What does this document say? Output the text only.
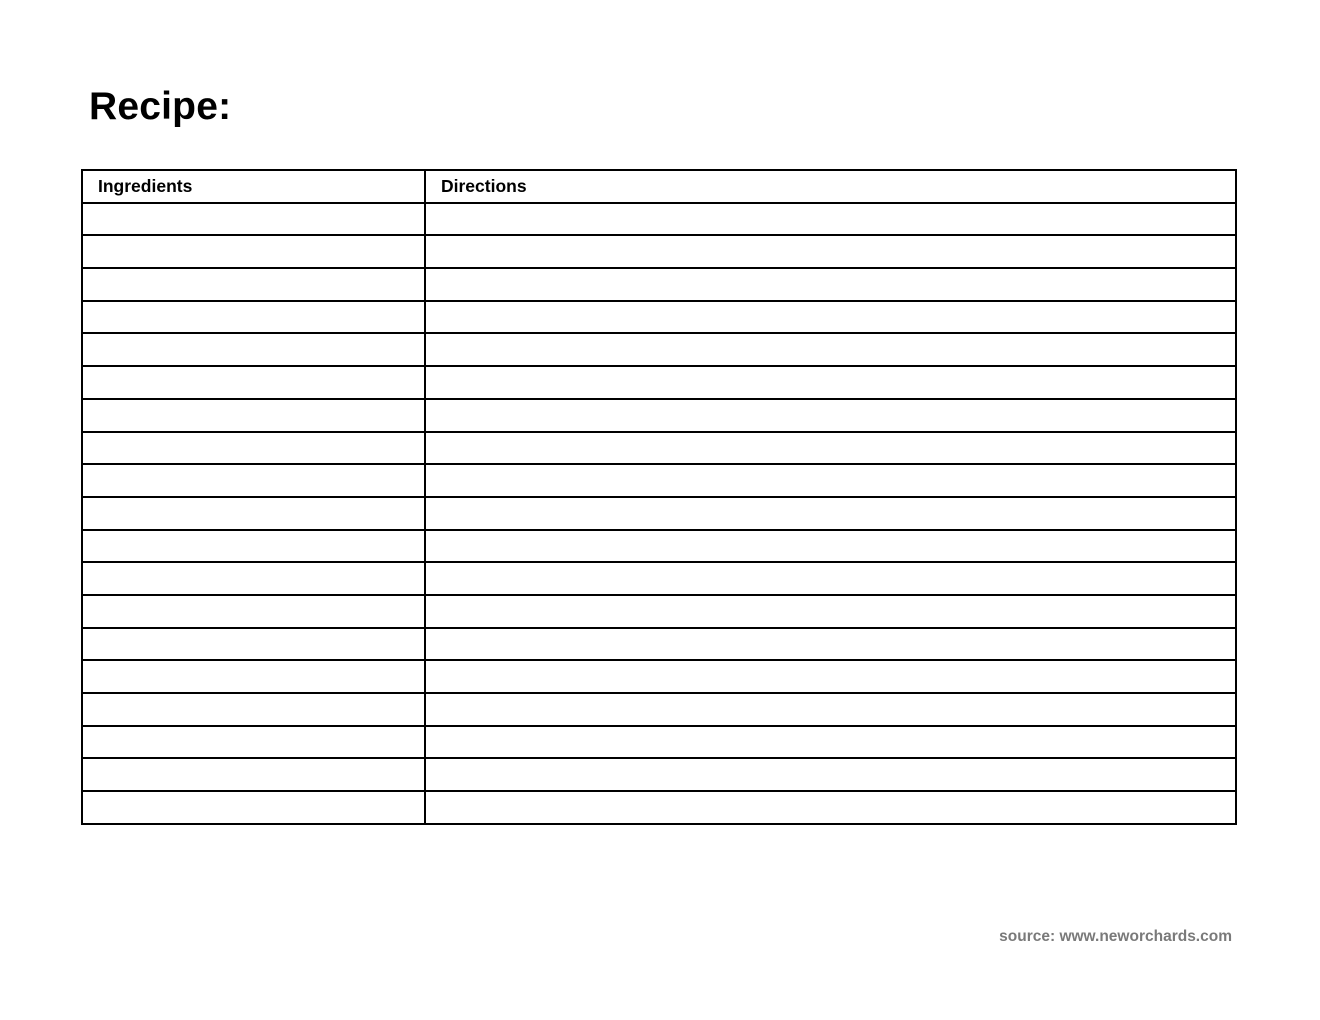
Recipe:
Ingredients	Directions

source: www.neworchards.com
